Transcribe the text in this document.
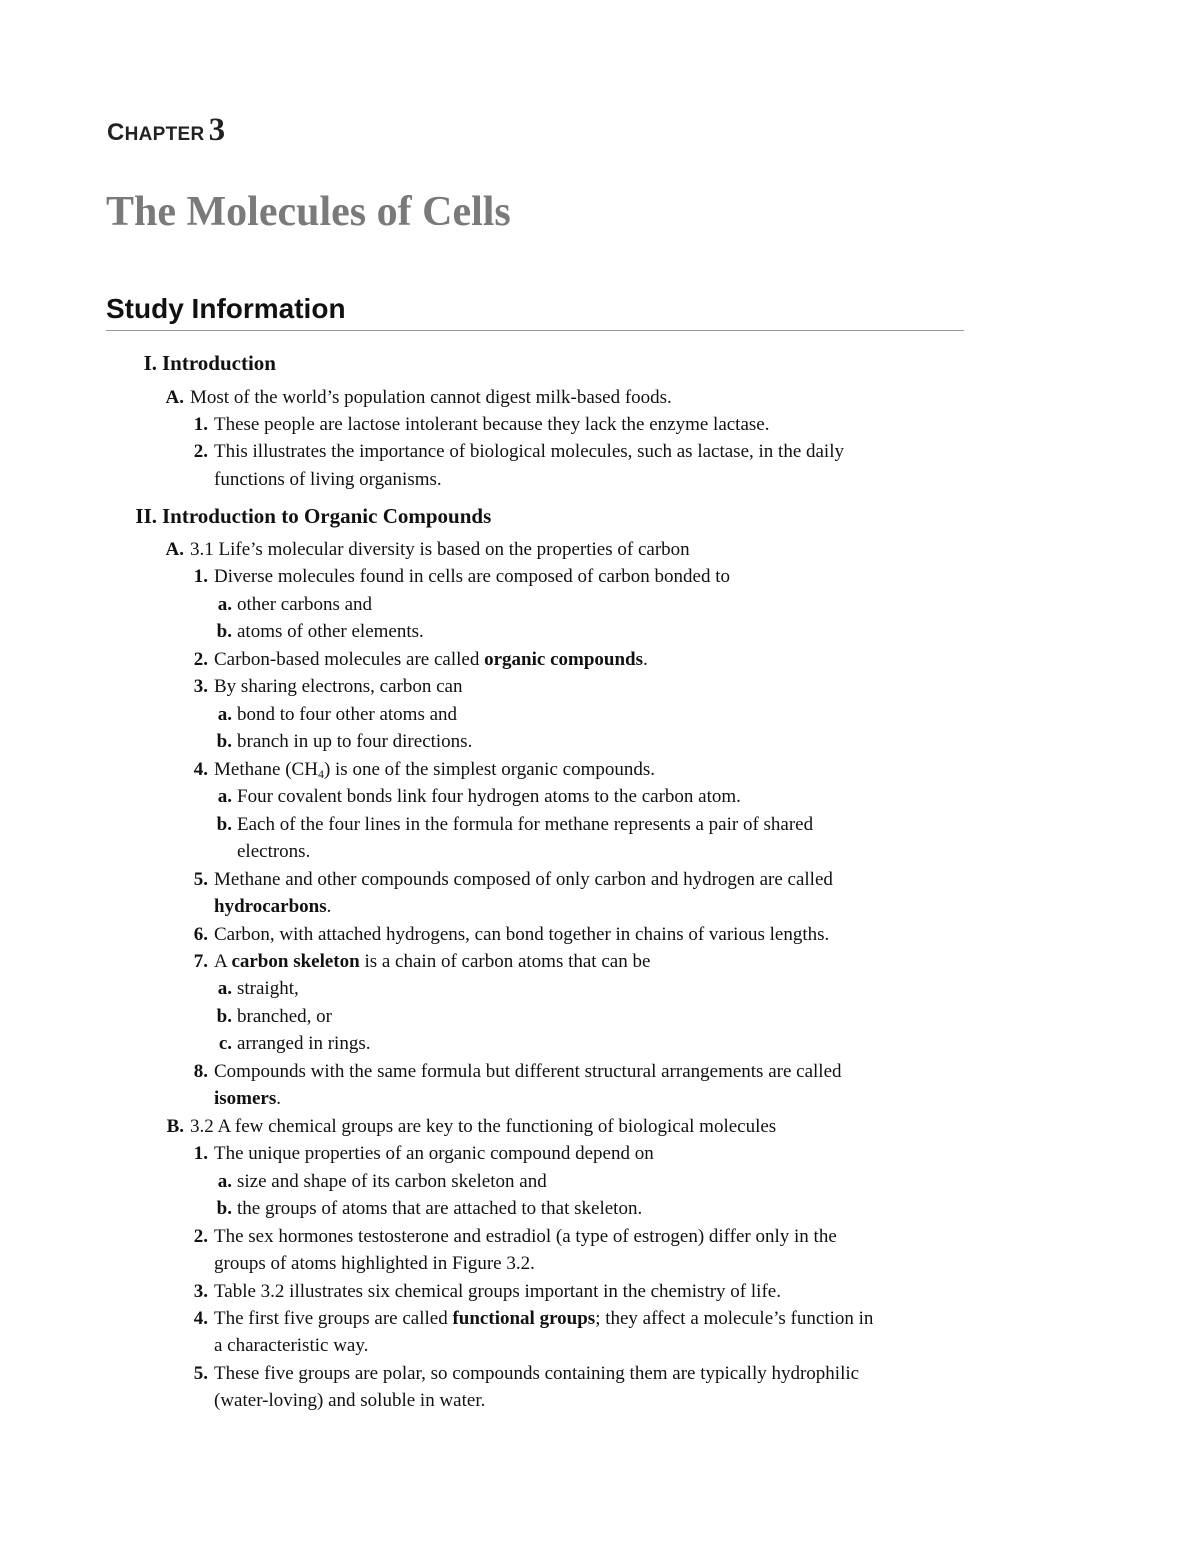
CHAPTER 3
The Molecules of Cells
Study Information
I. Introduction
A. Most of the world’s population cannot digest milk-based foods.
1. These people are lactose intolerant because they lack the enzyme lactase.
2. This illustrates the importance of biological molecules, such as lactase, in the daily
functions of living organisms.
II. Introduction to Organic Compounds
A. 3.1 Life’s molecular diversity is based on the properties of carbon
1. Diverse molecules found in cells are composed of carbon bonded to
a. other carbons and
b. atoms of other elements.
2. Carbon-based molecules are called organic compounds.
3. By sharing electrons, carbon can
a. bond to four other atoms and
b. branch in up to four directions.
4. Methane $(CH_4)$ is one of the simplest organic compounds.
a. Four covalent bonds link four hydrogen atoms to the carbon atom.
b. Each of the four lines in the formula for methane represents a pair of shared
electrons.
5. Methane and other compounds composed of only carbon and hydrogen are called
hydrocarbons.
6. Carbon, with attached hydrogens, can bond together in chains of various lengths.
7. A carbon skeleton is a chain of carbon atoms that can be
a. straight,
b. branched, or
c. arranged in rings.
8. Compounds with the same formula but different structural arrangements are called
isomers.
B. 3.2 A few chemical groups are key to the functioning of biological molecules
1. The unique properties of an organic compound depend on
a. size and shape of its carbon skeleton and
b. the groups of atoms that are attached to that skeleton.
2. The sex hormones testosterone and estradiol (a type of estrogen) differ only in the
groups of atoms highlighted in Figure 3.2.
3. Table 3.2 illustrates six chemical groups important in the chemistry of life.
4. The first five groups are called functional groups; they affect a molecule’s function in
a characteristic way.
5. These five groups are polar, so compounds containing them are typically hydrophilic
(water-loving) and soluble in water.
